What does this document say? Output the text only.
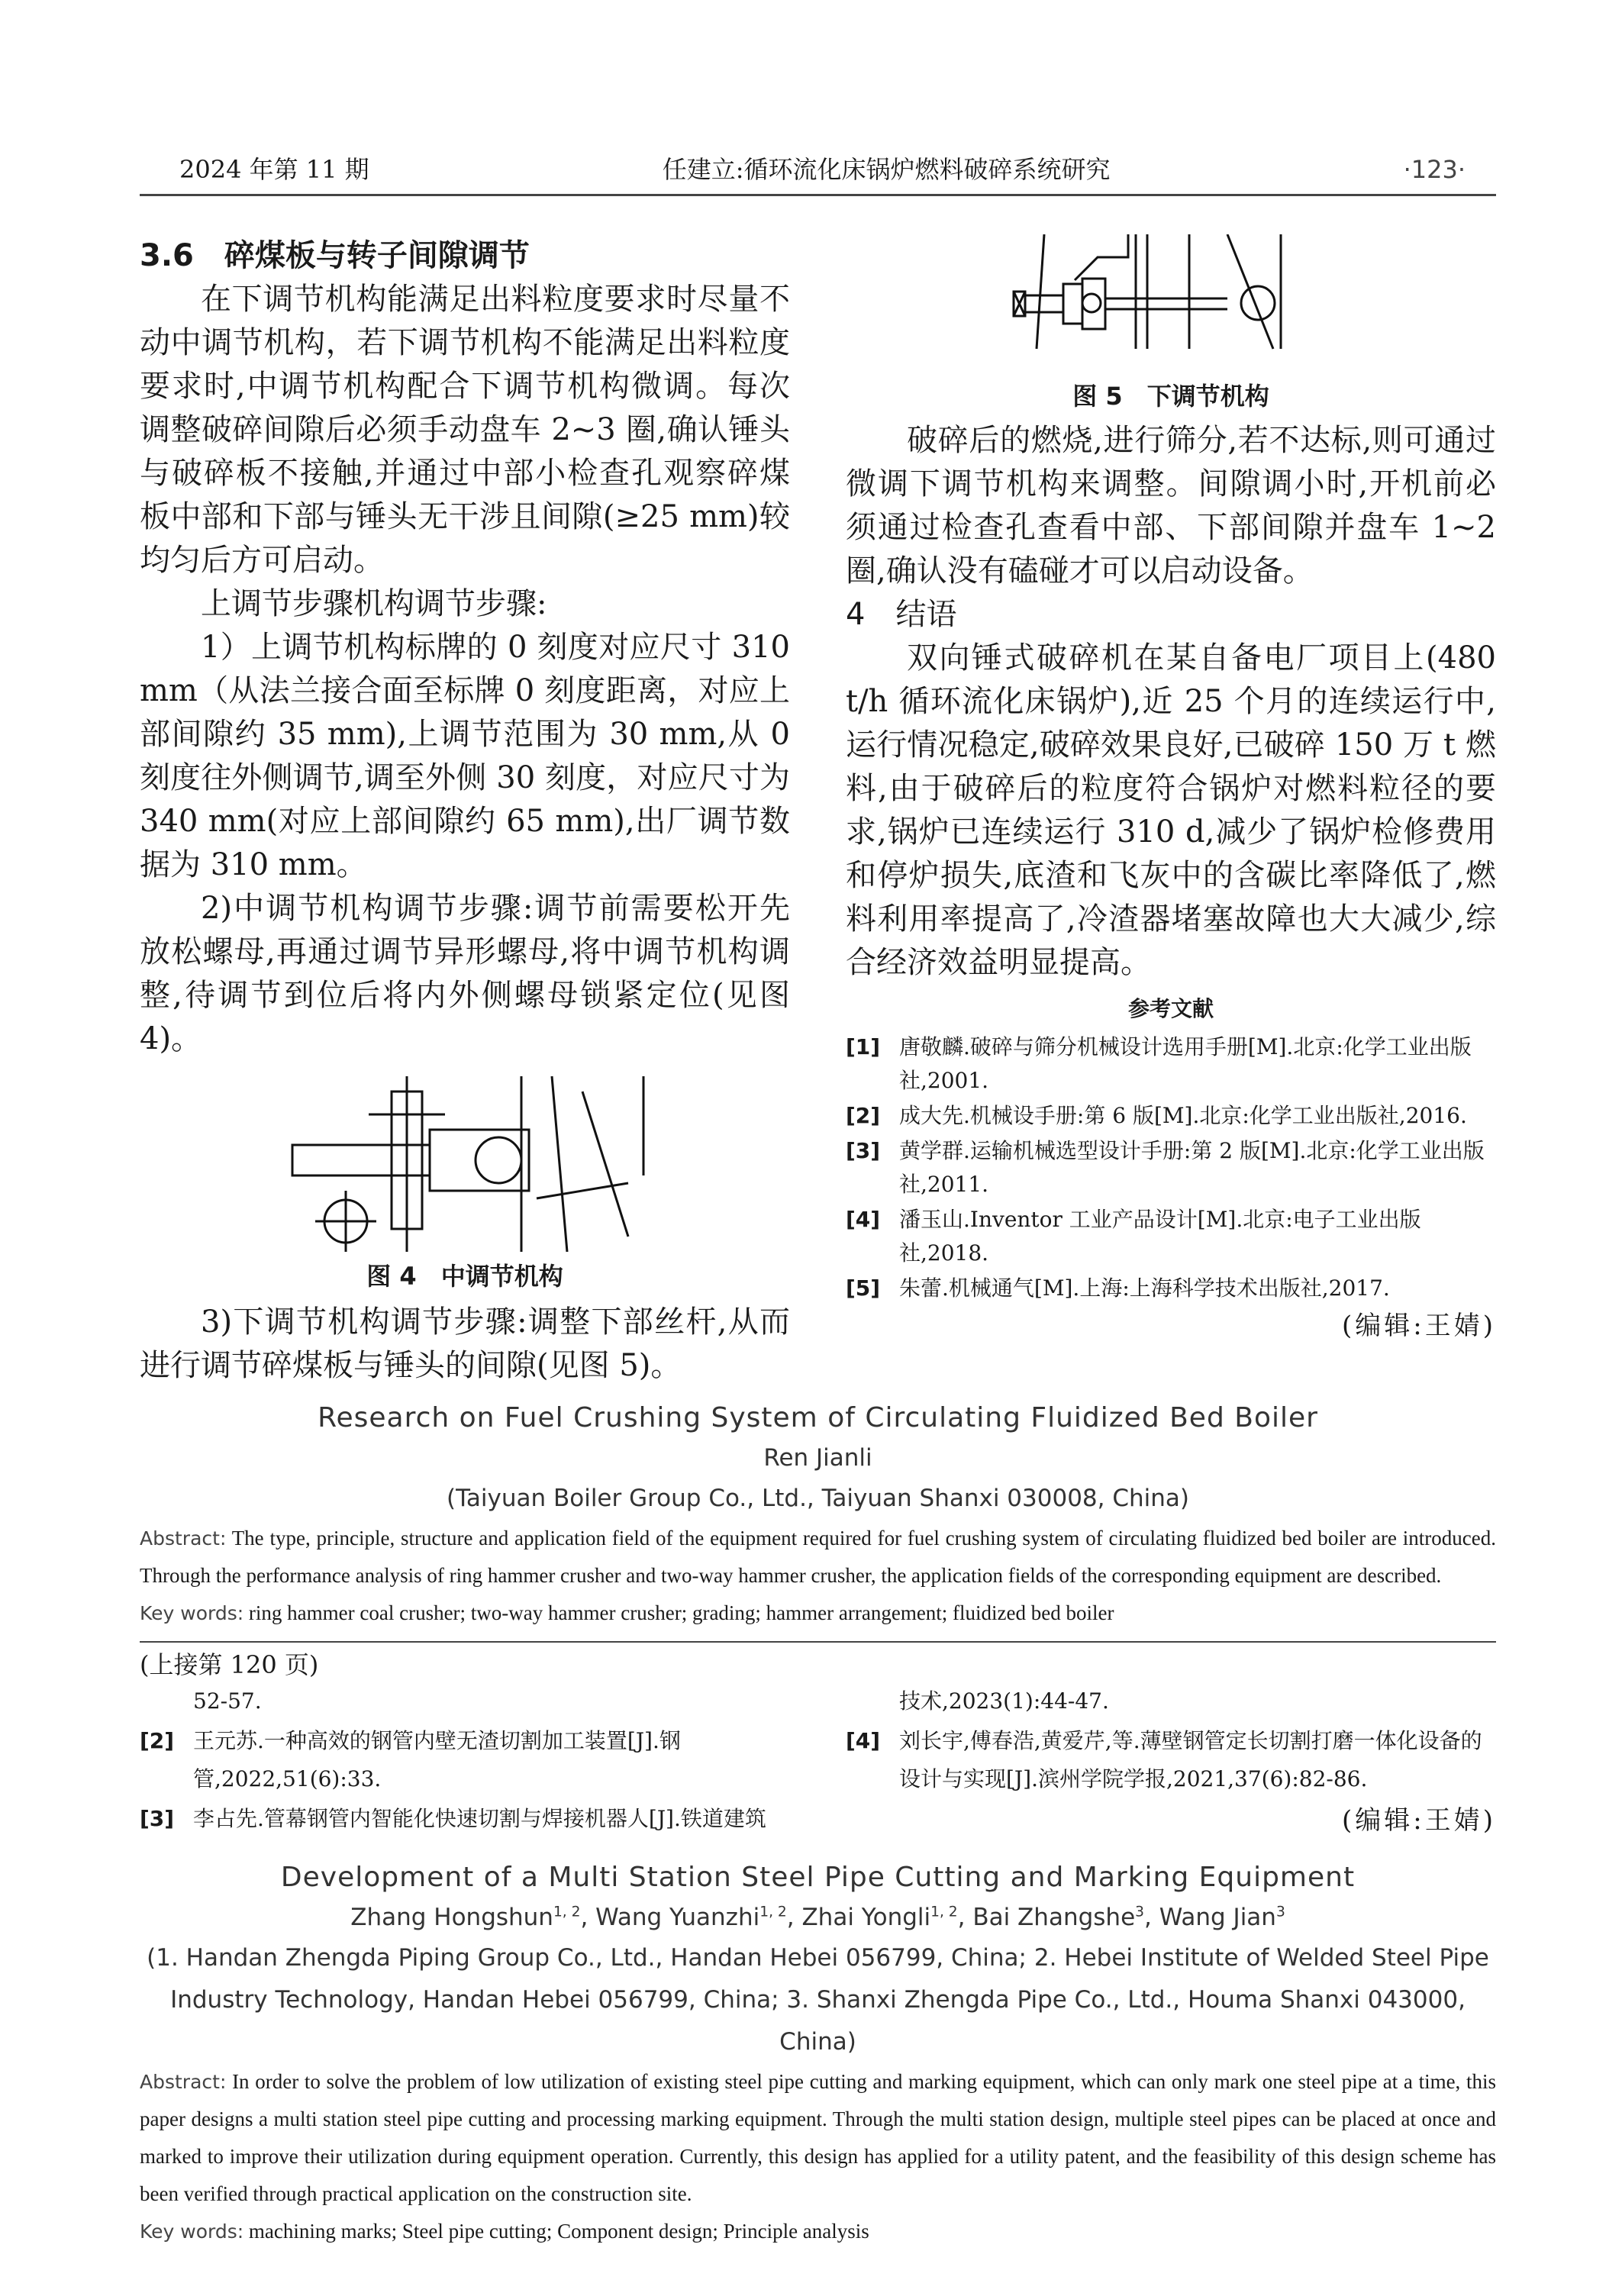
2024 年第 11 期	任建立:循环流化床锅炉燃料破碎系统研究	·123·

3.6　碎煤板与转子间隙调节

在下调节机构能满足出料粒度要求时尽量不动中调节机构，若下调节机构不能满足出料粒度要求时,中调节机构配合下调节机构微调。每次调整破碎间隙后必须手动盘车 2~3 圈,确认锤头与破碎板不接触,并通过中部小检查孔观察碎煤板中部和下部与锤头无干涉且间隙(≥25 mm)较均匀后方可启动。

上调节步骤机构调节步骤:

1）上调节机构标牌的 0 刻度对应尺寸 310 mm（从法兰接合面至标牌 0 刻度距离，对应上部间隙约 35 mm),上调节范围为 30 mm,从 0 刻度往外侧调节,调至外侧 30 刻度，对应尺寸为 340 mm(对应上部间隙约 65 mm),出厂调节数据为 310 mm。

2)中调节机构调节步骤:调节前需要松开先放松螺母,再通过调节异形螺母,将中调节机构调整,待调节到位后将内外侧螺母锁紧定位(见图 4)。

图 4　中调节机构

3)下调节机构调节步骤:调整下部丝杆,从而进行调节碎煤板与锤头的间隙(见图 5)。

图 5　下调节机构

破碎后的燃烧,进行筛分,若不达标,则可通过微调下调节机构来调整。间隙调小时,开机前必须通过检查孔查看中部、下部间隙并盘车 1~2 圈,确认没有磕碰才可以启动设备。

4　结语

双向锤式破碎机在某自备电厂项目上(480 t/h 循环流化床锅炉),近 25 个月的连续运行中,运行情况稳定,破碎效果良好,已破碎 150 万 t 燃料,由于破碎后的粒度符合锅炉对燃料粒径的要求,锅炉已连续运行 310 d,减少了锅炉检修费用和停炉损失,底渣和飞灰中的含碳比率降低了,燃料利用率提高了,冷渣器堵塞故障也大大减少,综合经济效益明显提高。

参考文献
[1] 唐敬麟.破碎与筛分机械设计选用手册[M].北京:化学工业出版社,2001.
[2] 成大先.机械设手册:第 6 版[M].北京:化学工业出版社,2016.
[3] 黄学群.运输机械选型设计手册:第 2 版[M].北京:化学工业出版社,2011.
[4] 潘玉山.Inventor 工业产品设计[M].北京:电子工业出版社,2018.
[5] 朱蕾.机械通气[M].上海:上海科学技术出版社,2017.
(编辑:王婧)
Research on Fuel Crushing System of Circulating Fluidized Bed Boiler
Ren Jianli
(Taiyuan Boiler Group Co., Ltd., Taiyuan Shanxi 030008, China)
Abstract: The type, principle, structure and application field of the equipment required for fuel crushing system of circulating fluidized bed boiler are introduced. Through the performance analysis of ring hammer crusher and two-way hammer crusher, the application fields of the corresponding equipment are described.
Key words: ring hammer coal crusher; two-way hammer crusher; grading; hammer arrangement; fluidized bed boiler
(上接第 120 页)
52-57.
[2] 王元苏.一种高效的钢管内壁无渣切割加工装置[J].钢管,2022,51(6):33.
[3] 李占先.管幕钢管内智能化快速切割与焊接机器人[J].铁道建筑
技术,2023(1):44-47.
[4] 刘长宇,傅春浩,黄爱芹,等.薄壁钢管定长切割打磨一体化设备的设计与实现[J].滨州学院学报,2021,37(6):82-86.
(编辑:王婧)
Development of a Multi Station Steel Pipe Cutting and Marking Equipment
Zhang Hongshun$^{1, 2}$, Wang Yuanzhi$^{1, 2}$, Zhai Yongli$^{1, 2}$, Bai Zhangshe$^3$, Wang Jian$^3$
(1. Handan Zhengda Piping Group Co., Ltd., Handan Hebei 056799, China; 2. Hebei Institute of Welded Steel Pipe Industry Technology, Handan Hebei 056799, China; 3. Shanxi Zhengda Pipe Co., Ltd., Houma Shanxi 043000, China)
Abstract: In order to solve the problem of low utilization of existing steel pipe cutting and marking equipment, which can only mark one steel pipe at a time, this paper designs a multi station steel pipe cutting and processing marking equipment. Through the multi station design, multiple steel pipes can be placed at once and marked to improve their utilization during equipment operation. Currently, this design has applied for a utility patent, and the feasibility of this design scheme has been verified through practical application on the construction site.
Key words: machining marks; Steel pipe cutting; Component design; Principle analysis
